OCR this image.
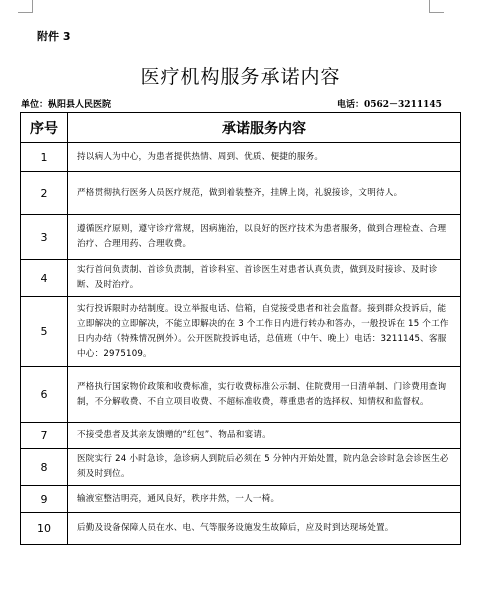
附件 3
医疗机构服务承诺内容
单位：枞阳县人民医院	电话：0562－3211145
序号	承诺服务内容
1	持以病人为中心，为患者提供热情、周到、优质、便捷的服务。
2	严格贯彻执行医务人员医疗规范，做到着装整齐，挂牌上岗，礼貌接诊，文明待人。
3	遵循医疗原则，遵守诊疗常规，因病施治，以良好的医疗技术为患者服务，做到合理检查、合理治疗、合理用药、合理收费。
4	实行首问负责制、首诊负责制，首诊科室、首诊医生对患者认真负责，做到及时接诊、及时诊断、及时治疗。
5	实行投诉限时办结制度。设立举报电话、信箱，自觉接受患者和社会监督。接到群众投诉后，能立即解决的立即解决，不能立即解决的在 3 个工作日内进行转办和答办，一般投诉在 15 个工作日内办结（特殊情况例外）。公开医院投诉电话，总值班（中午、晚上）电话：3211145、客服中心：2975109。
6	严格执行国家物价政策和收费标准，实行收费标准公示制、住院费用一日清单制、门诊费用查询制，不分解收费、不自立项目收费、不超标准收费，尊重患者的选择权、知情权和监督权。
7	不接受患者及其亲友馈赠的“红包”、物品和宴请。
8	医院实行 24 小时急诊，急诊病人到院后必须在 5 分钟内开始处置，院内急会诊时急会诊医生必须及时到位。
9	输液室整洁明亮，通风良好，秩序井然，一人一椅。
10	后勤及设备保障人员在水、电、气等服务设施发生故障后，应及时到达现场处置。
